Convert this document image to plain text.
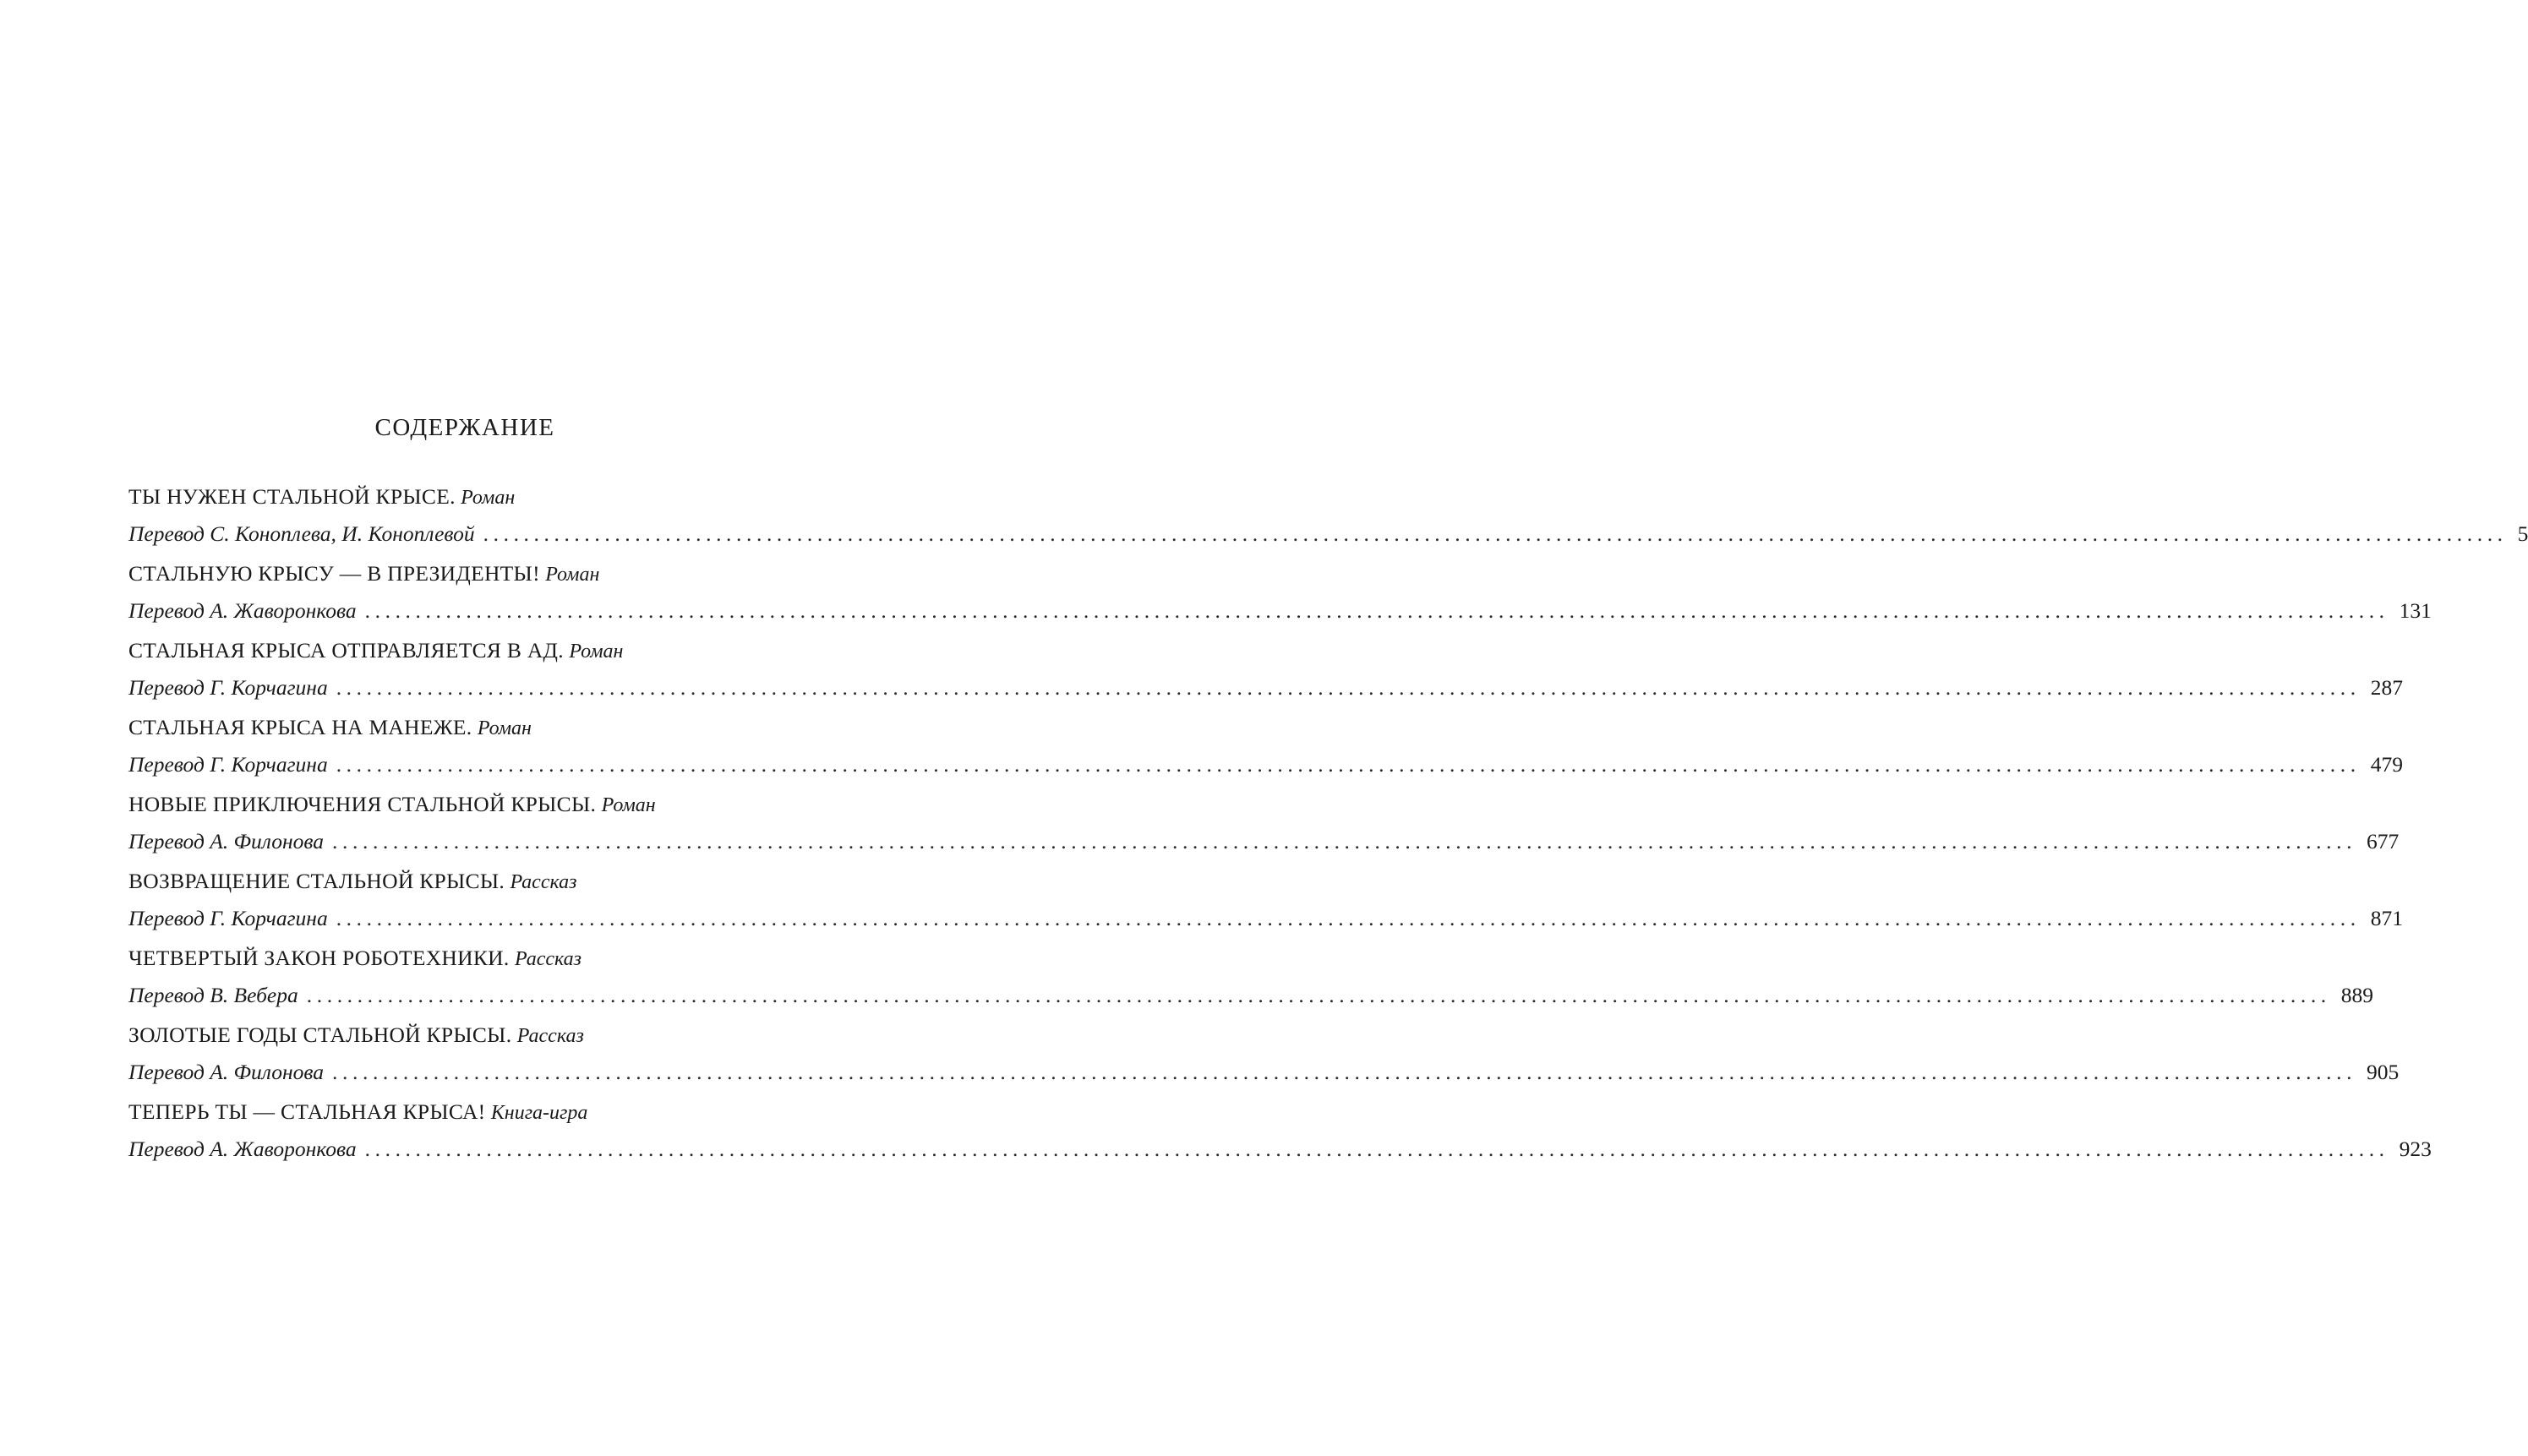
СОДЕРЖАНИЕ
ТЫ НУЖЕН СТАЛЬНОЙ КРЫСЕ. Роман
Перевод С. Коноплева, И. Коноплевой ........................................................................................................................................................................................................ 5
СТАЛЬНУЮ КРЫСУ — В ПРЕЗИДЕНТЫ! Роман
Перевод А. Жаворонкова ........................................................................................................................................................................................................ 131
СТАЛЬНАЯ КРЫСА ОТПРАВЛЯЕТСЯ В АД. Роман
Перевод Г. Корчагина ........................................................................................................................................................................................................ 287
СТАЛЬНАЯ КРЫСА НА МАНЕЖЕ. Роман
Перевод Г. Корчагина ........................................................................................................................................................................................................ 479
НОВЫЕ ПРИКЛЮЧЕНИЯ СТАЛЬНОЙ КРЫСЫ. Роман
Перевод А. Филонова ........................................................................................................................................................................................................ 677
ВОЗВРАЩЕНИЕ СТАЛЬНОЙ КРЫСЫ. Рассказ
Перевод Г. Корчагина ........................................................................................................................................................................................................ 871
ЧЕТВЕРТЫЙ ЗАКОН РОБОТЕХНИКИ. Рассказ
Перевод В. Вебера ........................................................................................................................................................................................................ 889
ЗОЛОТЫЕ ГОДЫ СТАЛЬНОЙ КРЫСЫ. Рассказ
Перевод А. Филонова ........................................................................................................................................................................................................ 905
ТЕПЕРЬ ТЫ — СТАЛЬНАЯ КРЫСА! Книга-игра
Перевод А. Жаворонкова ........................................................................................................................................................................................................ 923
